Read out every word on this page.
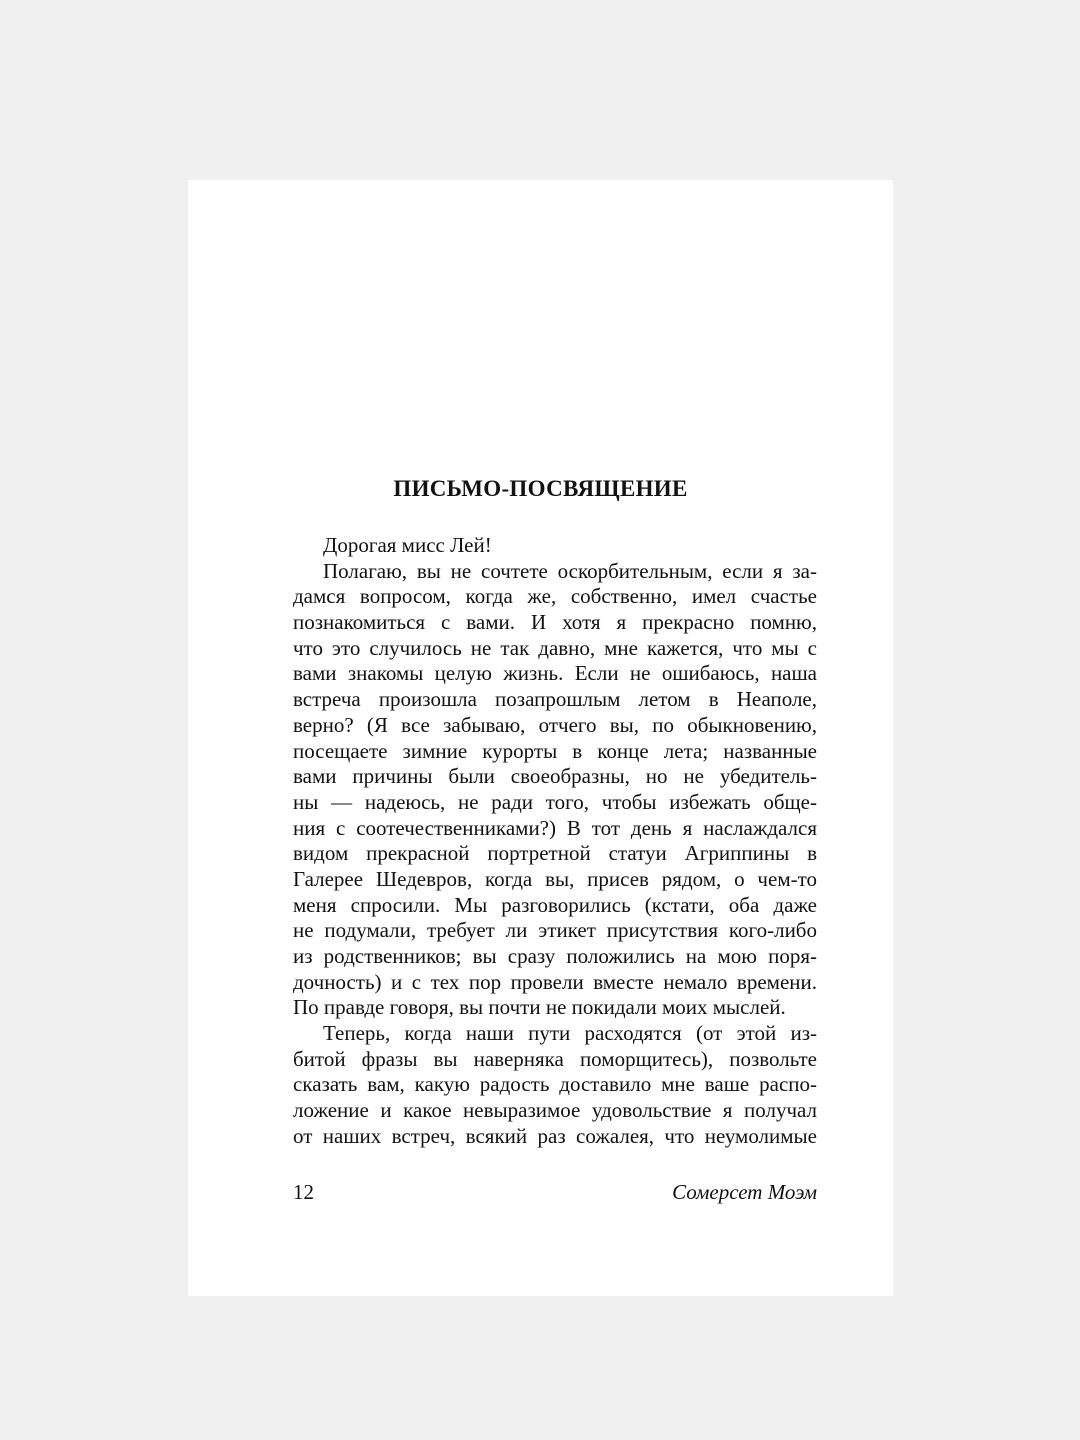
ПИСЬМО-ПОСВЯЩЕНИЕ
Дорогая мисс Лей!
Полагаю, вы не сочтете оскорбительным, если я за-
дамся вопросом, когда же, собственно, имел счастье
познакомиться с вами. И хотя я прекрасно помню,
что это случилось не так давно, мне кажется, что мы с
вами знакомы целую жизнь. Если не ошибаюсь, наша
встреча произошла позапрошлым летом в Неаполе,
верно? (Я все забываю, отчего вы, по обыкновению,
посещаете зимние курорты в конце лета; названные
вами причины были своеобразны, но не убедитель-
ны — надеюсь, не ради того, чтобы избежать обще-
ния с соотечественниками?) В тот день я наслаждался
видом прекрасной портретной статуи Агриппины в
Галерее Шедевров, когда вы, присев рядом, о чем-то
меня спросили. Мы разговорились (кстати, оба даже
не подумали, требует ли этикет присутствия кого-либо
из родственников; вы сразу положились на мою поря-
дочность) и с тех пор провели вместе немало времени.
По правде говоря, вы почти не покидали моих мыслей.
Теперь, когда наши пути расходятся (от этой из-
битой фразы вы наверняка поморщитесь), позвольте
сказать вам, какую радость доставило мне ваше распо-
ложение и какое невыразимое удовольствие я получал
от наших встреч, всякий раз сожалея, что неумолимые
12	Сомерсет Моэм
